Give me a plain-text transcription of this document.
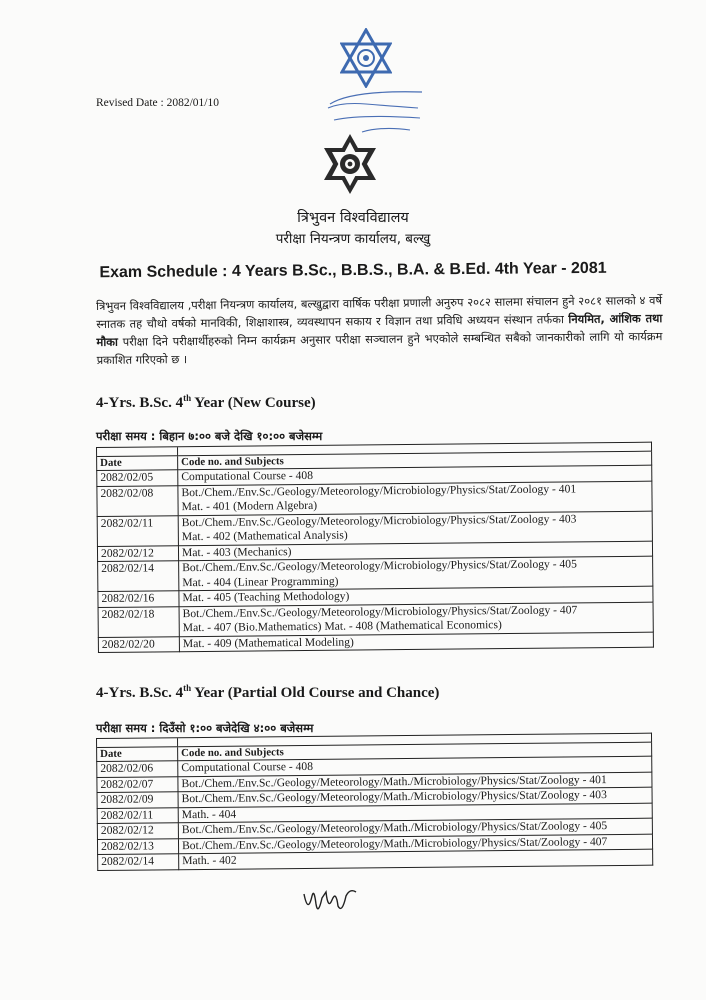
Revised Date : 2082/01/10
त्रिभुवन विश्वविद्यालय
परीक्षा नियन्त्रण कार्यालय, बल्खु
Exam Schedule : 4 Years B.Sc., B.B.S., B.A. & B.Ed. 4th Year - 2081
त्रिभुवन विश्वविद्यालय ,परीक्षा नियन्त्रण कार्यालय, बल्खुद्वारा वार्षिक परीक्षा प्रणाली अनुरुप २०८२ सालमा संचालन हुने २०८१ सालको ४ वर्षे स्नातक तह चौथो वर्षको मानविकी, शिक्षाशास्त्र, व्यवस्थापन सकाय र विज्ञान तथा प्रविधि अध्ययन संस्थान तर्फका नियमित, आंशिक तथा मौका परीक्षा दिने परीक्षार्थीहरुको निम्न कार्यक्रम अनुसार परीक्षा सञ्चालन हुने भएकोले सम्बन्धित सबैको जानकारीको लागि यो कार्यक्रम प्रकाशित गरिएको छ ।
4-Yrs. B.Sc. 4th Year (New Course)
परीक्षा समय : बिहान ७:०० बजे देखि १०:०० बजेसम्म

Date	Code no. and Subjects
2082/02/05	Computational Course - 408

2082/02/08	Bot./Chem./Env.Sc./Geology/Meteorology/Microbiology/Physics/Stat/Zoology - 401
Mat. - 401 (Modern Algebra)

2082/02/11	Bot./Chem./Env.Sc./Geology/Meteorology/Microbiology/Physics/Stat/Zoology - 403
Mat. - 402 (Mathematical Analysis)

2082/02/12	Mat. - 403 (Mechanics)

2082/02/14	Bot./Chem./Env.Sc./Geology/Meteorology/Microbiology/Physics/Stat/Zoology - 405
Mat. - 404 (Linear Programming)

2082/02/16	Mat. - 405 (Teaching Methodology)

2082/02/18	Bot./Chem./Env.Sc./Geology/Meteorology/Microbiology/Physics/Stat/Zoology - 407
Mat. - 407 (Bio.Mathematics) Mat. - 408 (Mathematical Economics)

2082/02/20	Mat. - 409 (Mathematical Modeling)
4-Yrs. B.Sc. 4th Year (Partial Old Course and Chance)
परीक्षा समय : दिउँसो १:०० बजेदेखि ४:०० बजेसम्म

Date	Code no. and Subjects
2082/02/06	Computational Course - 408

2082/02/07	Bot./Chem./Env.Sc./Geology/Meteorology/Math./Microbiology/Physics/Stat/Zoology - 401

2082/02/09	Bot./Chem./Env.Sc./Geology/Meteorology/Math./Microbiology/Physics/Stat/Zoology - 403

2082/02/11	Math. - 404

2082/02/12	Bot./Chem./Env.Sc./Geology/Meteorology/Math./Microbiology/Physics/Stat/Zoology - 405

2082/02/13	Bot./Chem./Env.Sc./Geology/Meteorology/Math./Microbiology/Physics/Stat/Zoology - 407

2082/02/14	Math. - 402
